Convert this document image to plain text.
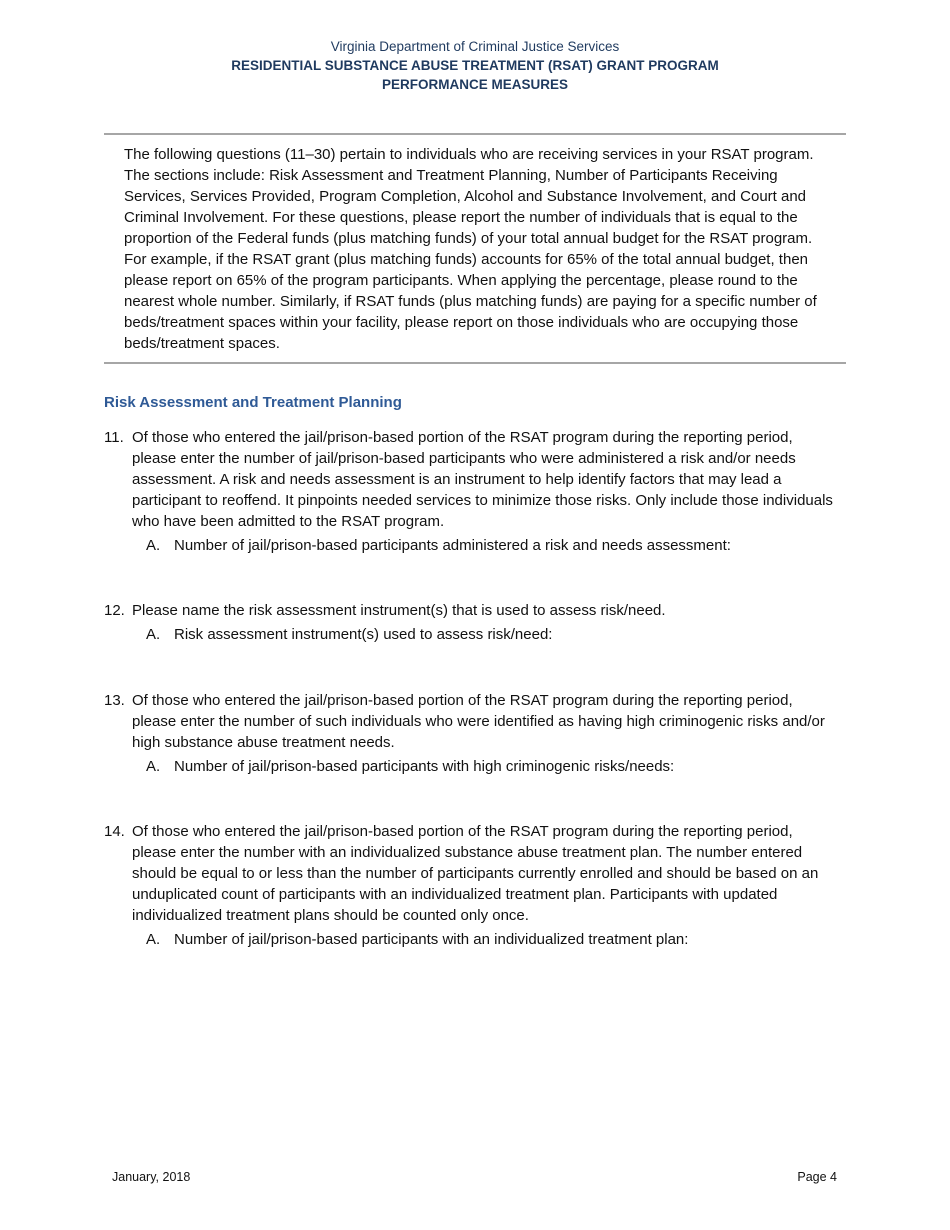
Virginia Department of Criminal Justice Services
RESIDENTIAL SUBSTANCE ABUSE TREATMENT (RSAT) GRANT PROGRAM
PERFORMANCE MEASURES

The following questions (11–30) pertain to individuals who are receiving services in your RSAT program. The sections include: Risk Assessment and Treatment Planning, Number of Participants Receiving Services, Services Provided, Program Completion, Alcohol and Substance Involvement, and Court and Criminal Involvement. For these questions, please report the number of individuals that is equal to the proportion of the Federal funds (plus matching funds) of your total annual budget for the RSAT program. For example, if the RSAT grant (plus matching funds) accounts for 65% of the total annual budget, then please report on 65% of the program participants. When applying the percentage, please round to the nearest whole number. Similarly, if RSAT funds (plus matching funds) are paying for a specific number of beds/treatment spaces within your facility, please report on those individuals who are occupying those beds/treatment spaces.

Risk Assessment and Treatment Planning
11. Of those who entered the jail/prison-based portion of the RSAT program during the reporting period, please enter the number of jail/prison-based participants who were administered a risk and/or needs assessment. A risk and needs assessment is an instrument to help identify factors that may lead a participant to reoffend. It pinpoints needed services to minimize those risks. Only include those individuals who have been admitted to the RSAT program.
A. Number of jail/prison-based participants administered a risk and needs assessment:
12. Please name the risk assessment instrument(s) that is used to assess risk/need.
A. Risk assessment instrument(s) used to assess risk/need:
13. Of those who entered the jail/prison-based portion of the RSAT program during the reporting period, please enter the number of such individuals who were identified as having high criminogenic risks and/or high substance abuse treatment needs.
A. Number of jail/prison-based participants with high criminogenic risks/needs:
14. Of those who entered the jail/prison-based portion of the RSAT program during the reporting period, please enter the number with an individualized substance abuse treatment plan. The number entered should be equal to or less than the number of participants currently enrolled and should be based on an unduplicated count of participants with an individualized treatment plan. Participants with updated individualized treatment plans should be counted only once.
A. Number of jail/prison-based participants with an individualized treatment plan:
January, 2018	Page 4
